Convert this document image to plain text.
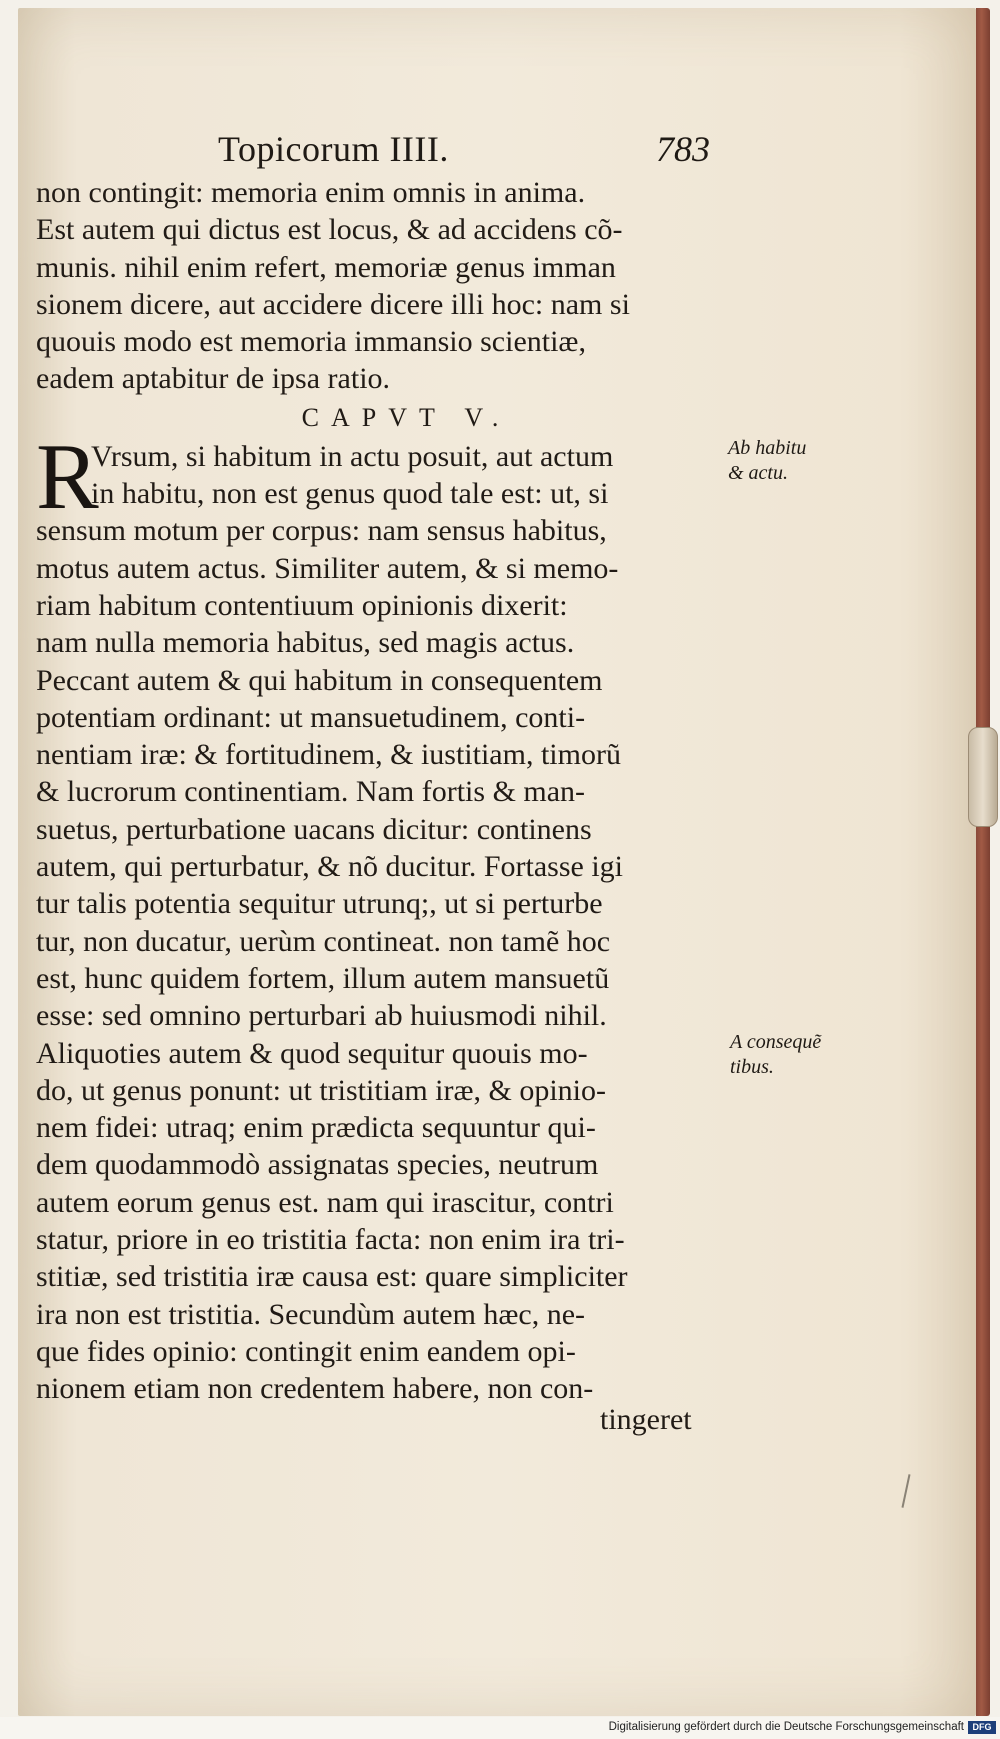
Topicorum IIII.	783
non contingit: memoria enim omnis in anima.
Est autem qui dictus est locus, & ad accidens cõ-
munis. nihil enim refert, memoriæ genus imman
sionem dicere, aut accidere dicere illi hoc: nam si
quouis modo est memoria immansio scientiæ,
eadem aptabitur de ipsa ratio.
CAPVT V.
Vrsum, si habitum in actu posuit, aut actum
in habitu, non est genus quod tale est: ut, si
sensum motum per corpus: nam sensus habitus,
motus autem actus. Similiter autem, & si memo-
riam habitum contentiuum opinionis dixerit:
nam nulla memoria habitus, sed magis actus.
Peccant autem & qui habitum in consequentem
potentiam ordinant: ut mansuetudinem, conti-
nentiam iræ: & fortitudinem, & iustitiam, timorũ
& lucrorum continentiam. Nam fortis & man-
suetus, perturbatione uacans dicitur: continens
autem, qui perturbatur, & nõ ducitur. Fortasse igi
tur talis potentia sequitur utrunq;, ut si perturbe
tur, non ducatur, uerùm contineat. non tamẽ hoc
est, hunc quidem fortem, illum autem mansuetũ
esse: sed omnino perturbari ab huiusmodi nihil.
Aliquoties autem & quod sequitur quouis mo-
do, ut genus ponunt: ut tristitiam iræ, & opinio-
nem fidei: utraq; enim prædicta sequuntur qui-
dem quodammodò assignatas species, neutrum
autem eorum genus est. nam qui irascitur, contri
statur, priore in eo tristitia facta: non enim ira tri-
stitiæ, sed tristitia iræ causa est: quare simpliciter
ira non est tristitia. Secundùm autem hæc, ne-
que fides opinio: contingit enim eandem opi-
nionem etiam non credentem habere, non con-
R	Ab habitu
& actu.
A consequẽ
tibus.
tingeret
Digitalisierung gefördert durch die Deutsche Forschungsgemeinschaft DFG
